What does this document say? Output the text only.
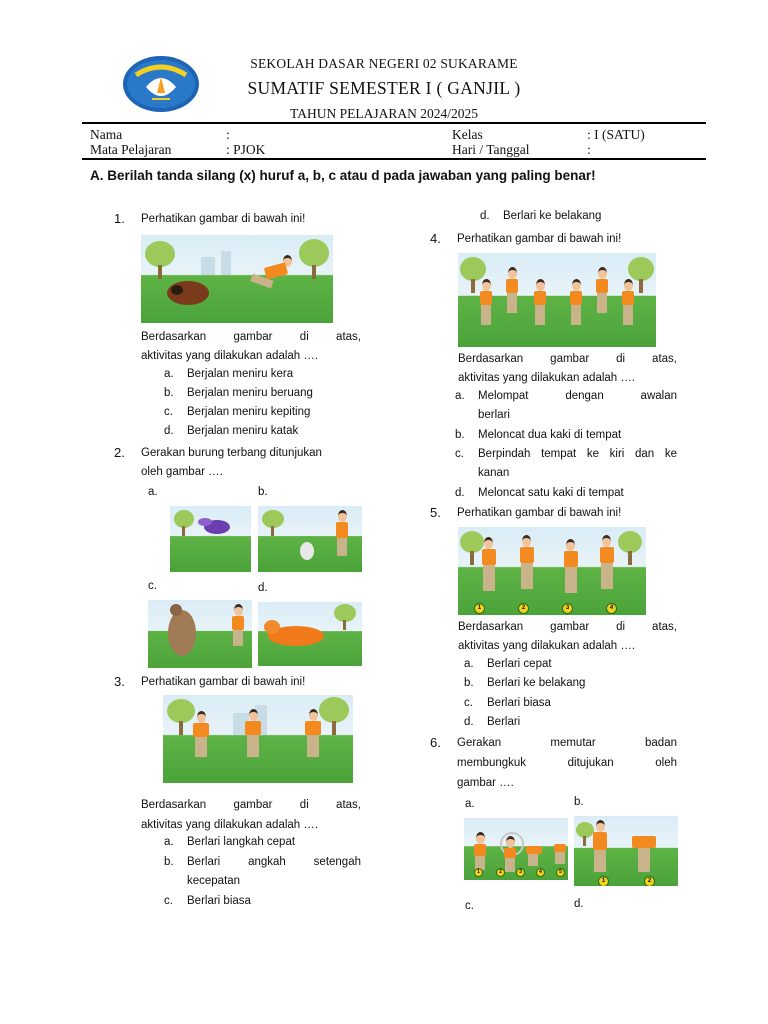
SEKOLAH DASAR NEGERI 02 SUKARAME
SUMATIF SEMESTER I ( GANJIL )
TAHUN PELAJARAN 2024/2025
Nama	:
Mata Pelajaran	: PJOK
Kelas	: I (SATU)
Hari / Tanggal	:
A. Berilah tanda silang (x) huruf a, b, c atau d pada jawaban yang paling benar!
1. Perhatikan gambar di bawah ini!
Berdasarkan gambar di atas,
aktivitas yang dilakukan adalah ….
a. Berjalan meniru kera
b. Berjalan meniru beruang
c. Berjalan meniru kepiting
d. Berjalan meniru katak
2. Gerakan burung terbang ditunjukan
oleh gambar ….
a.	b.
c.	d.
3. Perhatikan gambar di bawah ini!
Berdasarkan gambar di atas,
aktivitas yang dilakukan adalah ….
a. Berlari langkah cepat
b. Berlari angkah setengah
kecepatan
c. Berlari biasa
d. Berlari ke belakang
4. Perhatikan gambar di bawah ini!
Berdasarkan gambar di atas,
aktivitas yang dilakukan adalah ….
a. Melompat dengan awalan
berlari
b. Meloncat dua kaki di tempat
c. Berpindah tempat ke kiri dan ke
kanan
d. Meloncat satu kaki di tempat
5. Perhatikan gambar di bawah ini!
1	2	3	4
Berdasarkan gambar di atas,
aktivitas yang dilakukan adalah ….
a. Berlari cepat
b. Berlari ke belakang
c. Berlari biasa
d. Berlari
6. Gerakan memutar badan
membungkuk ditujukan oleh
gambar ….
a.	b.
1	2	3	4	5
1	2
c.	d.
